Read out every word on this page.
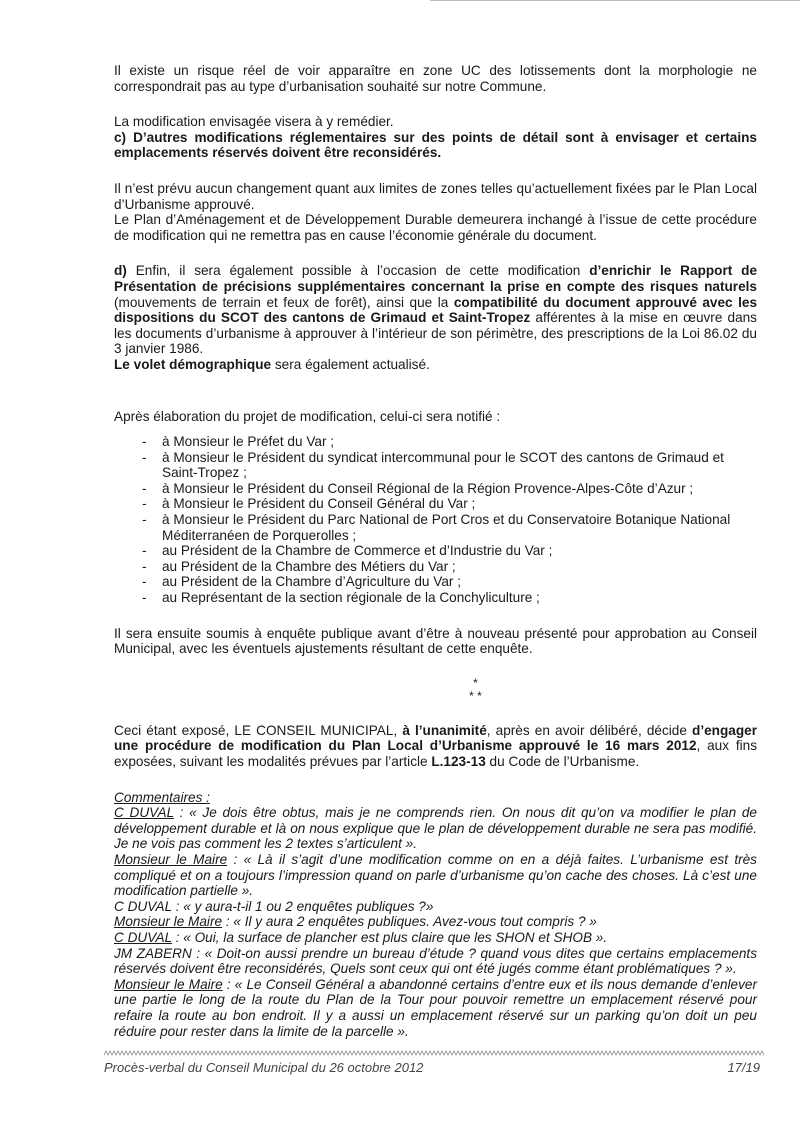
Il existe un risque réel de voir apparaître en zone UC des lotissements dont la morphologie ne correspondrait pas au type d’urbanisation souhaité sur notre Commune.

La modification envisagée visera à y remédier.

c) D’autres modifications réglementaires sur des points de détail sont à envisager et certains emplacements réservés doivent être reconsidérés.

Il n’est prévu aucun changement quant aux limites de zones telles qu’actuellement fixées par le Plan Local d’Urbanisme approuvé.

Le Plan d’Aménagement et de Développement Durable demeurera inchangé à l’issue de cette procédure de modification qui ne remettra pas en cause l’économie générale du document.

d) Enfin, il sera également possible à l’occasion de cette modification d’enrichir le Rapport de Présentation de précisions supplémentaires concernant la prise en compte des risques naturels (mouvements de terrain et feux de forêt), ainsi que la compatibilité du document approuvé avec les dispositions du SCOT des cantons de Grimaud et Saint-Tropez afférentes à la mise en œuvre dans les documents d’urbanisme à approuver à l’intérieur de son périmètre, des prescriptions de la Loi 86.02 du 3 janvier 1986.

Le volet démographique sera également actualisé.

Après élaboration du projet de modification, celui-ci sera notifié :

- à Monsieur le Préfet du Var ;
- à Monsieur le Président du syndicat intercommunal pour le SCOT des cantons de Grimaud et Saint-Tropez ;
- à Monsieur le Président du Conseil Régional de la Région Provence-Alpes-Côte d’Azur ;
- à Monsieur le Président du Conseil Général du Var ;
- à Monsieur le Président du Parc National de Port Cros et du Conservatoire Botanique National Méditerranéen de Porquerolles ;
- au Président de la Chambre de Commerce et d’Industrie du Var ;
- au Président de la Chambre des Métiers du Var ;
- au Président de la Chambre d’Agriculture du Var ;
- au Représentant de la section régionale de la Conchyliculture ;

Il sera ensuite soumis à enquête publique avant d’être à nouveau présenté pour approbation au Conseil Municipal, avec les éventuels ajustements résultant de cette enquête.

*
* *

Ceci étant exposé, LE CONSEIL MUNICIPAL, à l’unanimité, après en avoir délibéré, décide d’engager une procédure de modification du Plan Local d’Urbanisme approuvé le 16 mars 2012, aux fins exposées, suivant les modalités prévues par l’article L.123-13 du Code de l’Urbanisme.

Commentaires :

C DUVAL : « Je dois être obtus, mais je ne comprends rien. On nous dit qu’on va modifier le plan de développement durable et là on nous explique que le plan de développement durable ne sera pas modifié. Je ne vois pas comment les 2 textes s’articulent ».

Monsieur le Maire : « Là il s’agit d’une modification comme on en a déjà faites. L’urbanisme est très compliqué et on a toujours l’impression quand on parle d’urbanisme qu’on cache des choses. Là c’est une modification partielle ».

C DUVAL : « y aura-t-il 1 ou 2 enquêtes publiques ?»

Monsieur le Maire : « Il y aura 2 enquêtes publiques. Avez-vous tout compris ? »

C DUVAL : « Oui, la surface de plancher est plus claire que les SHON et SHOB ».

JM ZABERN : « Doit-on aussi prendre un bureau d’étude ? quand vous dites que certains emplacements réservés doivent être reconsidérés, Quels sont ceux qui ont été jugés comme étant problématiques ? ».

Monsieur le Maire : « Le Conseil Général a abandonné certains d’entre eux et ils nous demande d’enlever une partie le long de la route du Plan de la Tour pour pouvoir remettre un emplacement réservé pour refaire la route au bon endroit. Il y a aussi un emplacement réservé sur un parking qu’on doit un peu réduire pour rester dans la limite de la parcelle ».

Procès-verbal du Conseil Municipal du 26 octobre 2012	17/19
